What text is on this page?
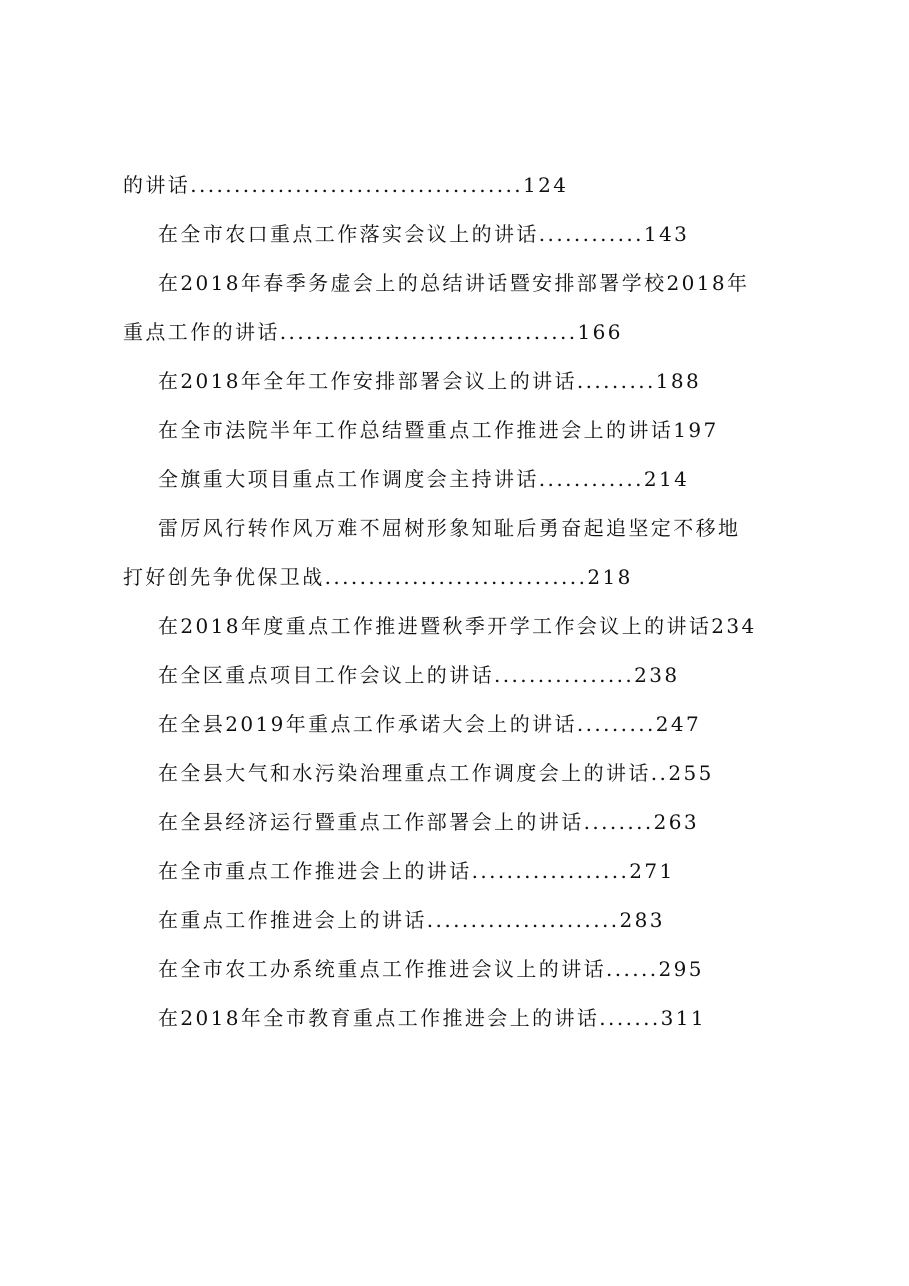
的讲话......................................124
在全市农口重点工作落实会议上的讲话............143
在2018年春季务虚会上的总结讲话暨安排部署学校2018年
重点工作的讲话..................................166
在2018年全年工作安排部署会议上的讲话.........188
在全市法院半年工作总结暨重点工作推进会上的讲话197
全旗重大项目重点工作调度会主持讲话............214
雷厉风行转作风万难不屈树形象知耻后勇奋起追坚定不移地
打好创先争优保卫战..............................218
在2018年度重点工作推进暨秋季开学工作会议上的讲话234
在全区重点项目工作会议上的讲话................238
在全县2019年重点工作承诺大会上的讲话.........247
在全县大气和水污染治理重点工作调度会上的讲话..255
在全县经济运行暨重点工作部署会上的讲话........263
在全市重点工作推进会上的讲话..................271
在重点工作推进会上的讲话......................283
在全市农工办系统重点工作推进会议上的讲话......295
在2018年全市教育重点工作推进会上的讲话.......311
